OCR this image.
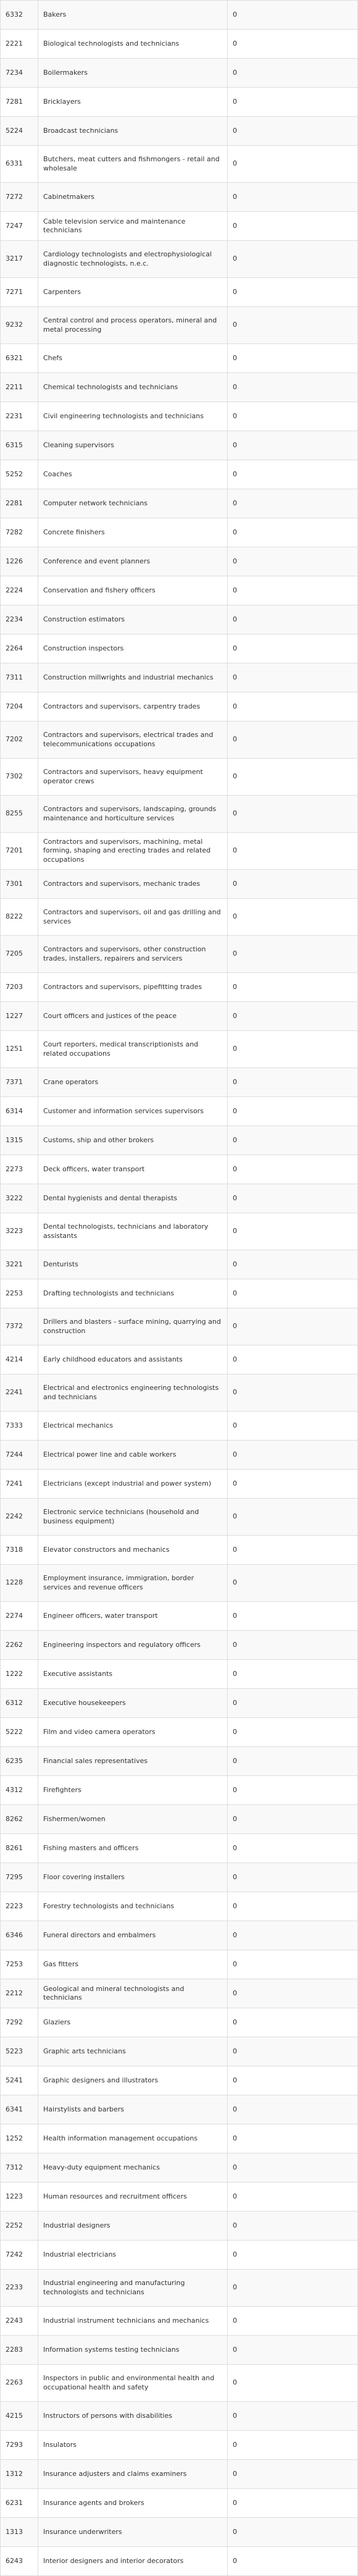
6332	Bakers	0
2221	Biological technologists and technicians	0
7234	Boilermakers	0
7281	Bricklayers	0
5224	Broadcast technicians	0
6331	Butchers, meat cutters and fishmongers - retail and wholesale	0
7272	Cabinetmakers	0
7247	Cable television service and maintenance technicians	0
3217	Cardiology technologists and electrophysiological diagnostic technologists, n.e.c.	0
7271	Carpenters	0
9232	Central control and process operators, mineral and metal processing	0
6321	Chefs	0
2211	Chemical technologists and technicians	0
2231	Civil engineering technologists and technicians	0
6315	Cleaning supervisors	0
5252	Coaches	0
2281	Computer network technicians	0
7282	Concrete finishers	0
1226	Conference and event planners	0
2224	Conservation and fishery officers	0
2234	Construction estimators	0
2264	Construction inspectors	0
7311	Construction millwrights and industrial mechanics	0
7204	Contractors and supervisors, carpentry trades	0
7202	Contractors and supervisors, electrical trades and telecommunications occupations	0
7302	Contractors and supervisors, heavy equipment operator crews	0
8255	Contractors and supervisors, landscaping, grounds maintenance and horticulture services	0
7201	Contractors and supervisors, machining, metal forming, shaping and erecting trades and related occupations	0
7301	Contractors and supervisors, mechanic trades	0
8222	Contractors and supervisors, oil and gas drilling and services	0
7205	Contractors and supervisors, other construction trades, installers, repairers and servicers	0
7203	Contractors and supervisors, pipefitting trades	0
1227	Court officers and justices of the peace	0
1251	Court reporters, medical transcriptionists and related occupations	0
7371	Crane operators	0
6314	Customer and information services supervisors	0
1315	Customs, ship and other brokers	0
2273	Deck officers, water transport	0
3222	Dental hygienists and dental therapists	0
3223	Dental technologists, technicians and laboratory assistants	0
3221	Denturists	0
2253	Drafting technologists and technicians	0
7372	Drillers and blasters - surface mining, quarrying and construction	0
4214	Early childhood educators and assistants	0
2241	Electrical and electronics engineering technologists and technicians	0
7333	Electrical mechanics	0
7244	Electrical power line and cable workers	0
7241	Electricians (except industrial and power system)	0
2242	Electronic service technicians (household and business equipment)	0
7318	Elevator constructors and mechanics	0
1228	Employment insurance, immigration, border services and revenue officers	0
2274	Engineer officers, water transport	0
2262	Engineering inspectors and regulatory officers	0
1222	Executive assistants	0
6312	Executive housekeepers	0
5222	Film and video camera operators	0
6235	Financial sales representatives	0
4312	Firefighters	0
8262	Fishermen/women	0
8261	Fishing masters and officers	0
7295	Floor covering installers	0
2223	Forestry technologists and technicians	0
6346	Funeral directors and embalmers	0
7253	Gas fitters	0
2212	Geological and mineral technologists and technicians	0
7292	Glaziers	0
5223	Graphic arts technicians	0
5241	Graphic designers and illustrators	0
6341	Hairstylists and barbers	0
1252	Health information management occupations	0
7312	Heavy-duty equipment mechanics	0
1223	Human resources and recruitment officers	0
2252	Industrial designers	0
7242	Industrial electricians	0
2233	Industrial engineering and manufacturing technologists and technicians	0
2243	Industrial instrument technicians and mechanics	0
2283	Information systems testing technicians	0
2263	Inspectors in public and environmental health and occupational health and safety	0
4215	Instructors of persons with disabilities	0
7293	Insulators	0
1312	Insurance adjusters and claims examiners	0
6231	Insurance agents and brokers	0
1313	Insurance underwriters	0
6243	Interior designers and interior decorators	0
